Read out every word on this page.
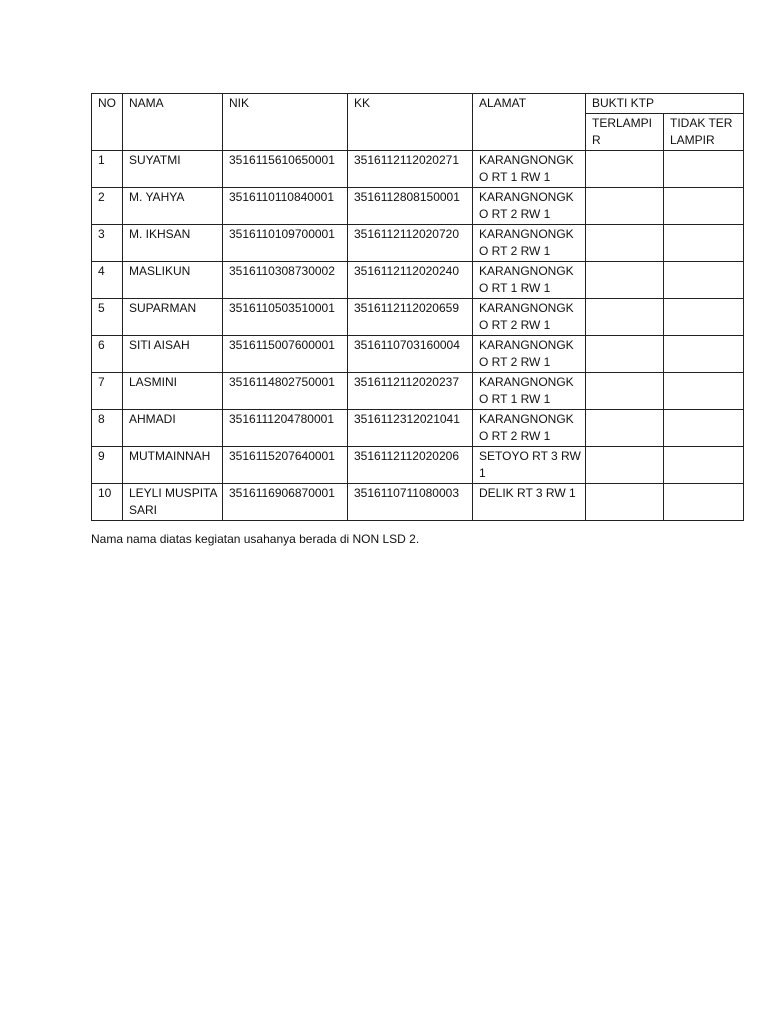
NO	NAMA	NIK	KK	ALAMAT	BUKTI KTP	
					TERLAMPIR	TIDAK TERLAMPIR
1	SUYATMI	3516115610650001	3516112112020271	KARANGNONGKO RT 1 RW 1		
2	M. YAHYA	3516110110840001	3516112808150001	KARANGNONGKO RT 2 RW 1		
3	M. IKHSAN	3516110109700001	3516112112020720	KARANGNONGKO RT 2 RW 1		
4	MASLIKUN	3516110308730002	3516112112020240	KARANGNONGKO RT 1 RW 1		
5	SUPARMAN	3516110503510001	3516112112020659	KARANGNONGKO RT 2 RW 1		
6	SITI AISAH	3516115007600001	3516110703160004	KARANGNONGKO RT 2 RW 1		
7	LASMINI	3516114802750001	3516112112020237	KARANGNONGKO RT 1 RW 1		
8	AHMADI	3516111204780001	3516112312021041	KARANGNONGKO RT 2 RW 1		
9	MUTMAINNAH	3516115207640001	3516112112020206	SETOYO RT 3 RW 1		
10	LEYLI MUSPITASARI	3516116906870001	3516110711080003	DELIK RT 3 RW 1		
Nama nama diatas kegiatan usahanya berada di NON LSD 2.
